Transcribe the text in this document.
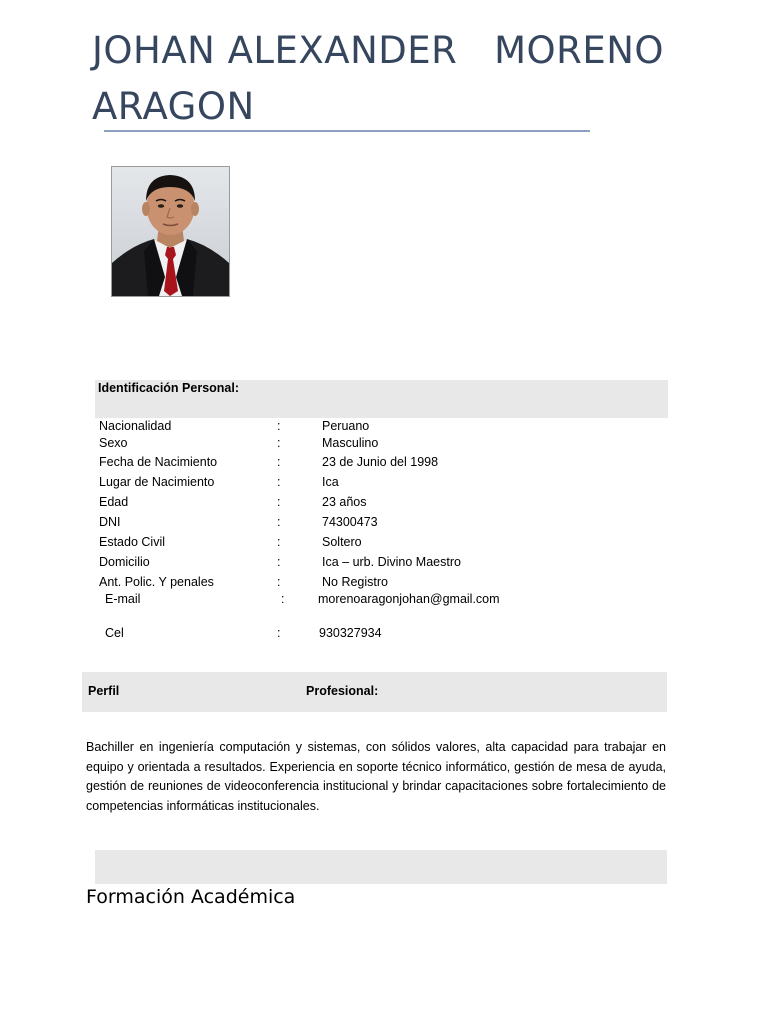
JOHAN ALEXANDER   MORENO
ARAGON
Identificación Personal:
Nacionalidad	:	Peruano
Sexo	:	Masculino
Fecha de Nacimiento	:	23 de Junio del 1998
Lugar de Nacimiento	:	Ica
Edad	:	23 años
DNI	:	74300473
Estado Civil	:	Soltero
Domicilio	:	Ica – urb. Divino Maestro
Ant. Polic. Y penales	:	No Registro
E-mail	:	morenoaragonjohan@gmail.com
Cel	:	930327934
Perfil	Profesional:
Bachiller en ingeniería computación y sistemas, con sólidos valores, alta capacidad para trabajar en equipo y orientada a resultados. Experiencia en soporte técnico informático, gestión de mesa de ayuda, gestión de reuniones de videoconferencia institucional y brindar capacitaciones sobre fortalecimiento de competencias informáticas institucionales.
Formación Académica
